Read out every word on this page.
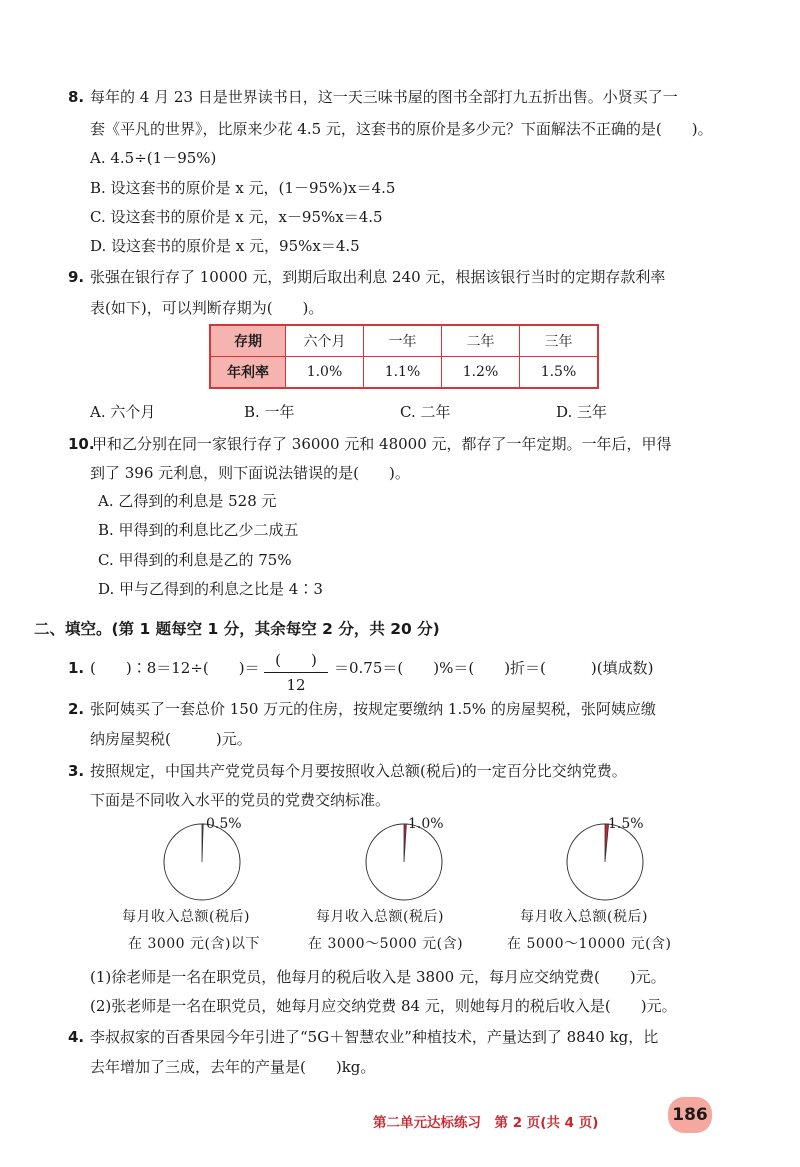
8. 每年的 4 月 23 日是世界读书日，这一天三味书屋的图书全部打九五折出售。小贤买了一
套《平凡的世界》，比原来少花 4.5 元，这套书的原价是多少元？下面解法不正确的是(　　)。
A. 4.5÷(1－95%)
B. 设这套书的原价是 x 元，(1－95%)x＝4.5
C. 设这套书的原价是 x 元，x－95%x＝4.5
D. 设这套书的原价是 x 元，95%x＝4.5
9. 张强在银行存了 10000 元，到期后取出利息 240 元，根据该银行当时的定期存款利率
表(如下)，可以判断存期为(　　)。
存期	六个月	一年	二年	三年
年利率	1.0%	1.1%	1.2%	1.5%
A. 六个月	B. 一年	C. 二年	D. 三年
10.甲和乙分别在同一家银行存了 36000 元和 48000 元，都存了一年定期。一年后，甲得
到了 396 元利息，则下面说法错误的是(　　)。
A. 乙得到的利息是 528 元
B. 甲得到的利息比乙少二成五
C. 甲得到的利息是乙的 75%
D. 甲与乙得到的利息之比是 4∶3
二、填空。(第 1 题每空 1 分，其余每空 2 分，共 20 分)
1. (　　)∶8＝12÷(　　)＝	(　　)
12
＝0.75＝(　　)%＝(　　)折＝(　　　)(填成数)
2. 张阿姨买了一套总价 150 万元的住房，按规定要缴纳 1.5% 的房屋契税，张阿姨应缴
纳房屋契税(　　　)元。
3. 按照规定，中国共产党党员每个月要按照收入总额(税后)的一定百分比交纳党费。
下面是不同收入水平的党员的党费交纳标准。
0.5%	1.0%	1.5%
每月收入总额(税后)
在 3000 元(含)以下
每月收入总额(税后)
在 3000～5000 元(含)
每月收入总额(税后)
在 5000～10000 元(含)
(1)徐老师是一名在职党员，他每月的税后收入是 3800 元，每月应交纳党费(　　)元。
(2)张老师是一名在职党员，她每月应交纳党费 84 元，则她每月的税后收入是(　　)元。
4. 李叔叔家的百香果园今年引进了“5G＋智慧农业”种植技术，产量达到了 8840 kg，比
去年增加了三成，去年的产量是(　　)kg。
第二单元达标练习　第 2 页(共 4 页)	186
